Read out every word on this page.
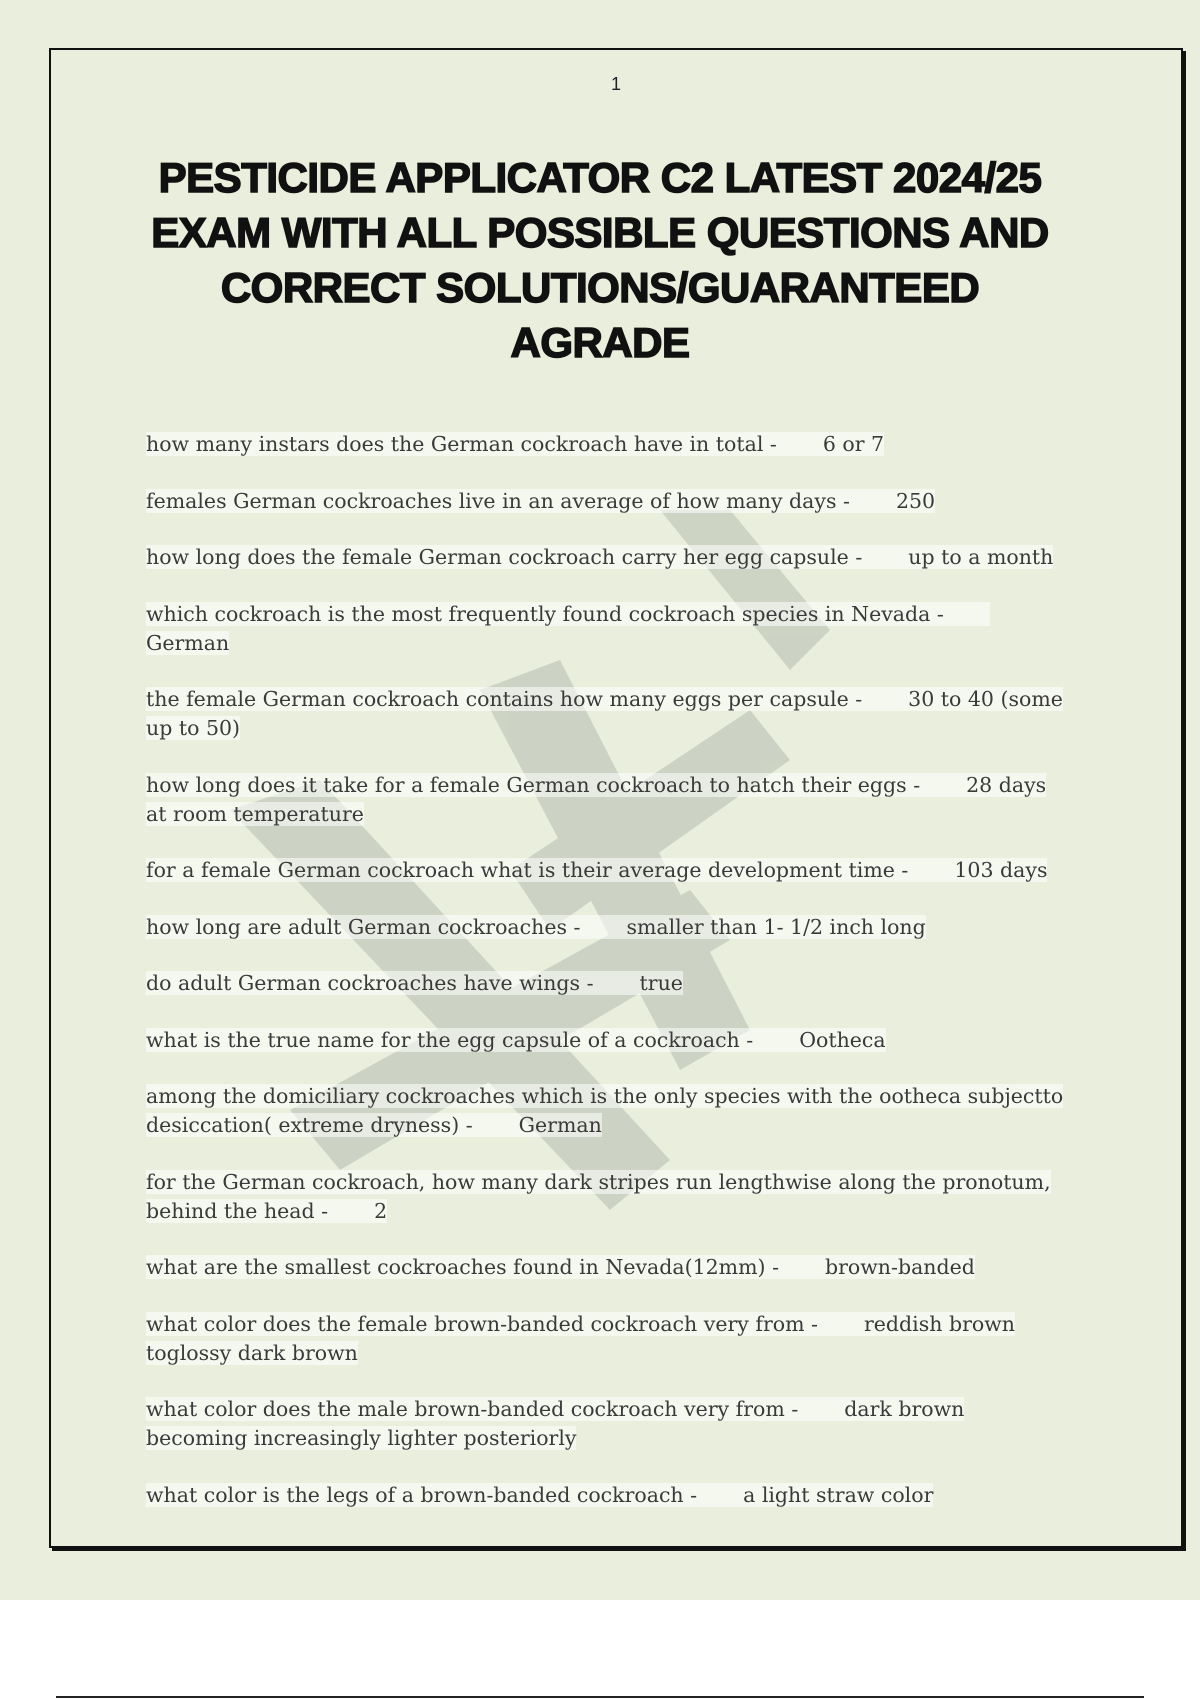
1
PESTICIDE APPLICATOR C2 LATEST 2024/25 EXAM WITH ALL POSSIBLE QUESTIONS AND CORRECT SOLUTIONS/GUARANTEED AGRADE
how many instars does the German cockroach have in total - 6 or 7
females German cockroaches live in an average of how many days - 250
how long does the female German cockroach carry her egg capsule - up to a month
which cockroach is the most frequently found cockroach species in Nevada -German
the female German cockroach contains how many eggs per capsule - 30 to 40 (some up to 50)
how long does it take for a female German cockroach to hatch their eggs - 28 days at room temperature
for a female German cockroach what is their average development time - 103 days
how long are adult German cockroaches - smaller than 1- 1/2 inch long
do adult German cockroaches have wings - true
what is the true name for the egg capsule of a cockroach - Ootheca
among the domiciliary cockroaches which is the only species with the ootheca subjectto desiccation( extreme dryness) - German
for the German cockroach, how many dark stripes run lengthwise along the pronotum, behind the head - 2
what are the smallest cockroaches found in Nevada(12mm) - brown-banded
what color does the female brown-banded cockroach very from - reddish brown toglossy dark brown
what color does the male brown-banded cockroach very from - dark brown becoming increasingly lighter posteriorly
what color is the legs of a brown-banded cockroach - a light straw color
